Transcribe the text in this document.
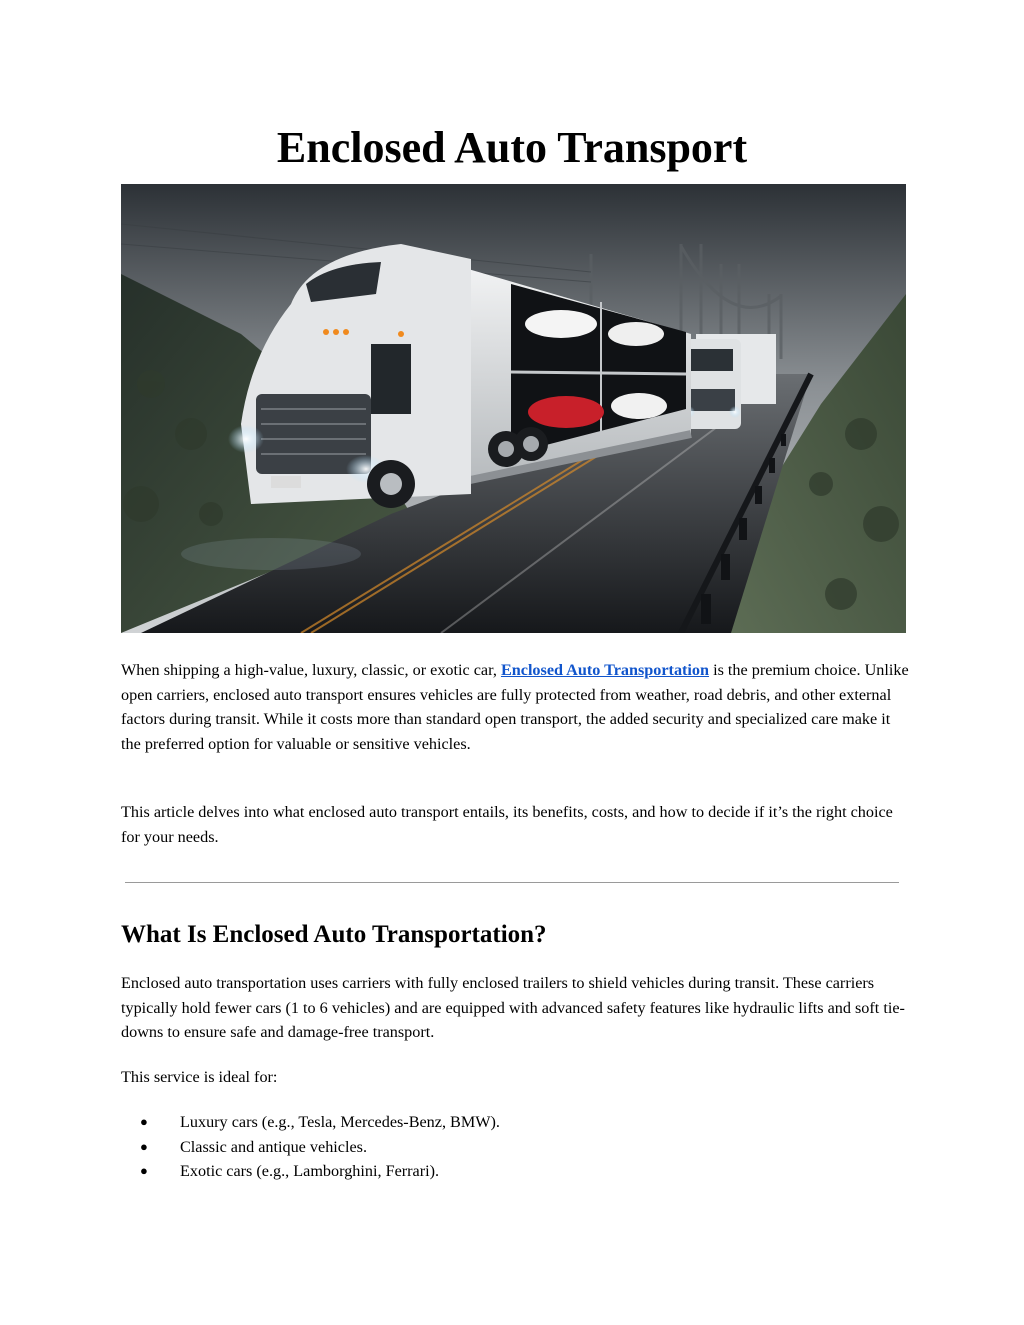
Enclosed Auto Transport

When shipping a high-value, luxury, classic, or exotic car, Enclosed Auto Transportation is the premium choice. Unlike open carriers, enclosed auto transport ensures vehicles are fully protected from weather, road debris, and other external factors during transit. While it costs more than standard open transport, the added security and specialized care make it the preferred option for valuable or sensitive vehicles.

This article delves into what enclosed auto transport entails, its benefits, costs, and how to decide if it’s the right choice for your needs.

What Is Enclosed Auto Transportation?

Enclosed auto transportation uses carriers with fully enclosed trailers to shield vehicles during transit. These carriers typically hold fewer cars (1 to 6 vehicles) and are equipped with advanced safety features like hydraulic lifts and soft tie-downs to ensure safe and damage-free transport.

This service is ideal for:

● Luxury cars (e.g., Tesla, Mercedes-Benz, BMW).
● Classic and antique vehicles.
● Exotic cars (e.g., Lamborghini, Ferrari).
